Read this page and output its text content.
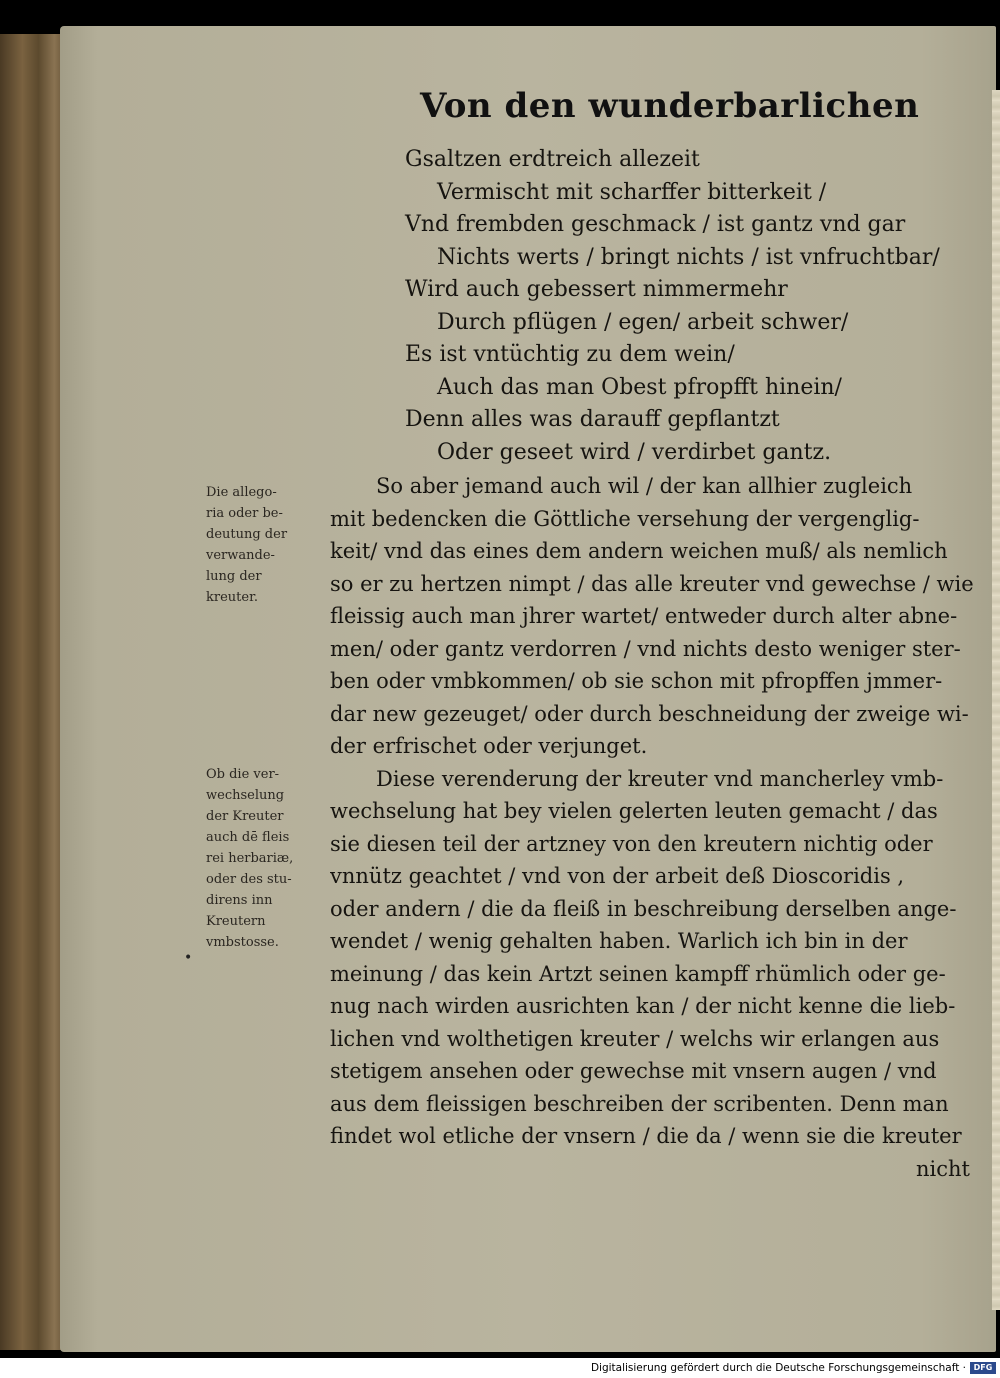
Von den wunderbarlichen
Gsaltzen erdtreich allezeit
Vermischt mit scharffer bitterkeit /
Vnd frembden geschmack / ist gantz vnd gar
Nichts werts / bringt nichts / ist vnfruchtbar/
Wird auch gebessert nimmermehr
Durch pflügen / egen/ arbeit schwer/
Es ist vntüchtig zu dem wein/
Auch das man Obest pfropfft hinein/
Denn alles was darauff gepflantzt
Oder geseet wird / verdirbet gantz.
So aber jemand auch wil / der kan allhier zugleich
mit bedencken die Göttliche versehung der vergenglig-
keit/ vnd das eines dem andern weichen muß/ als nemlich
so er zu hertzen nimpt / das alle kreuter vnd gewechse / wie
fleissig auch man jhrer wartet/ entweder durch alter abne-
men/ oder gantz verdorren / vnd nichts desto weniger ster-
ben oder vmbkommen/ ob sie schon mit pfropffen jmmer-
dar new gezeuget/ oder durch beschneidung der zweige wi-
der erfrischet oder verjunget.
Diese verenderung der kreuter vnd mancherley vmb-
wechselung hat bey vielen gelerten leuten gemacht / das
sie diesen teil der artzney von den kreutern nichtig oder
vnnütz geachtet / vnd von der arbeit deß Dioscoridis ,
oder andern / die da fleiß in beschreibung derselben ange-
wendet / wenig gehalten haben. Warlich ich bin in der
meinung / das kein Artzt seinen kampff rhümlich oder ge-
nug nach wirden ausrichten kan / der nicht kenne die lieb-
lichen vnd wolthetigen kreuter / welchs wir erlangen aus
stetigem ansehen oder gewechse mit vnsern augen / vnd
aus dem fleissigen beschreiben der scribenten. Denn man
findet wol etliche der vnsern / die da / wenn sie die kreuter
nicht
Die allego-
ria oder be-
deutung der
verwande-
lung der
kreuter.
Ob die ver-
wechselung
der Kreuter
auch dē fleis
rei herbariæ,
oder des stu-
direns inn
Kreutern
vmbstosse.
•
Digitalisierung gefördert durch die Deutsche Forschungsgemeinschaft · DFG
